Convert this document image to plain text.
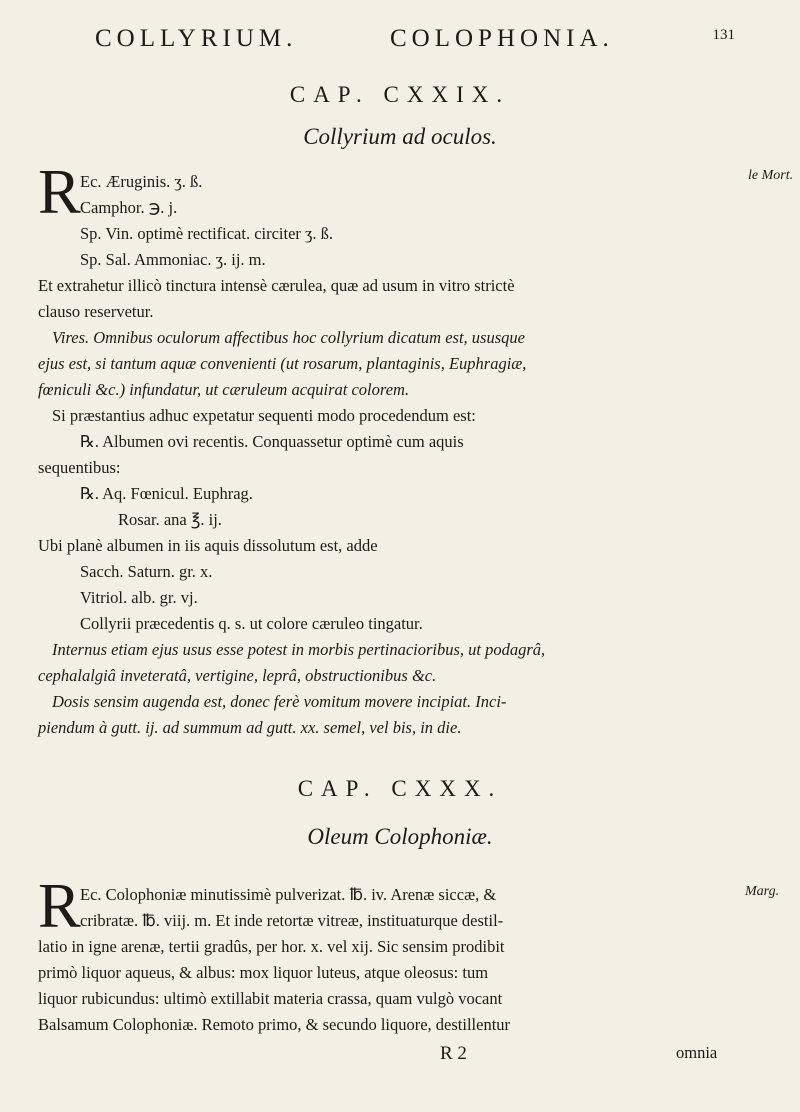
COLLYRIUM.	COLOPHONIA.	131
CAP. CXXIX.
Collyrium ad oculos.
le Mort.
R Ec. Æruginis. ʒ. ß.
Camphor. ℈. j.
Sp. Vin. optimè rectificat. circiter ʒ. ß.
Sp. Sal. Ammoniac. ʒ. ij. m.
Et extrahetur illicò tinctura intensè cærulea, quæ ad usum in vitro strictè
clauso reservetur.
Vires. Omnibus oculorum affectibus hoc collyrium dicatum est, ususque
ejus est, si tantum aquæ convenienti (ut rosarum, plantaginis, Euphragiæ,
fœniculi &c.) infundatur, ut cæruleum acquirat colorem.
Si præstantius adhuc expetatur sequenti modo procedendum est:
℞. Albumen ovi recentis. Conquassetur optimè cum aquis
sequentibus:
℞. Aq. Fœnicul. Euphrag.
Rosar. ana ℥. ij.
Ubi planè albumen in iis aquis dissolutum est, adde
Sacch. Saturn. gr. x.
Vitriol. alb. gr. vj.
Collyrii præcedentis q. s. ut colore cæruleo tingatur.
Internus etiam ejus usus esse potest in morbis pertinacioribus, ut podagrâ,
cephalalgiâ inveteratâ, vertigine, leprâ, obstructionibus &c.
Dosis sensim augenda est, donec ferè vomitum movere incipiat. Inci-
piendum à gutt. ij. ad summum ad gutt. xx. semel, vel bis, in die.
CAP. CXXX.
Oleum Colophoniæ.
Marg.
R Ec. Colophoniæ minutissimè pulverizat. ℔. iv. Arenæ siccæ, &
cribratæ. ℔. viij. m. Et inde retortæ vitreæ, instituaturque destil-
latio in igne arenæ, tertii gradûs, per hor. x. vel xij. Sic sensim prodibit
primò liquor aqueus, & albus: mox liquor luteus, atque oleosus: tum
liquor rubicundus: ultimò extillabit materia crassa, quam vulgò vocant
Balsamum Colophoniæ. Remoto primo, & secundo liquore, destillentur
R 2	omnia
